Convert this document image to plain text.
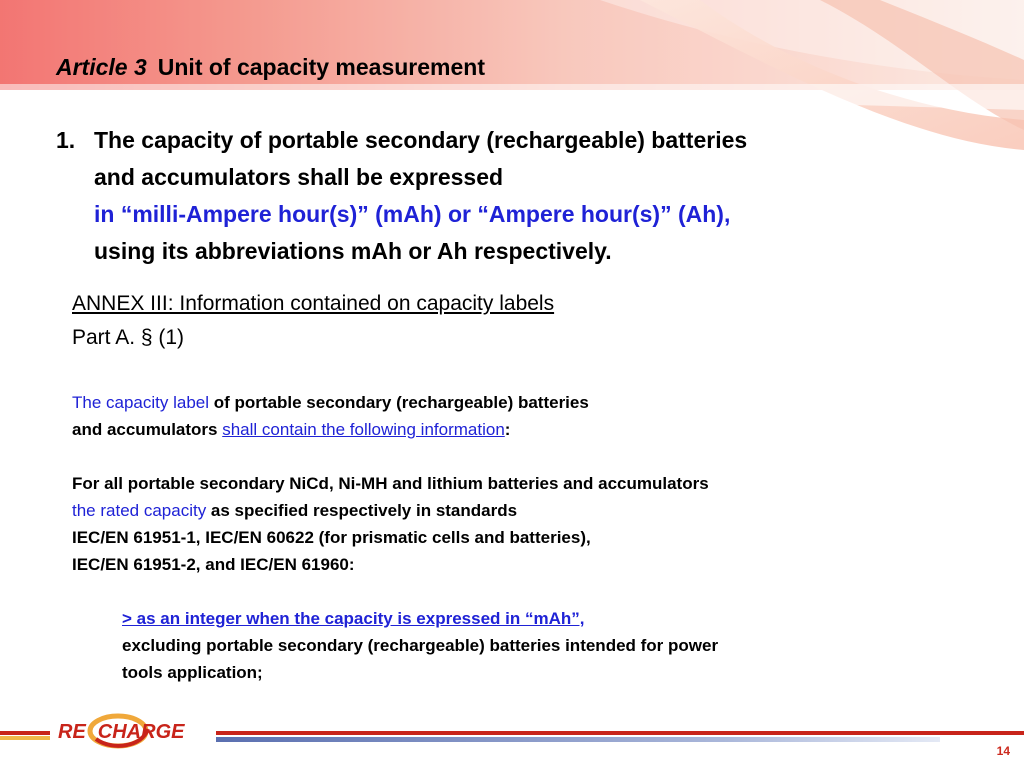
Article 3 Unit of capacity measurement
1. The capacity of portable secondary (rechargeable) batteries
and accumulators shall be expressed
in “milli-Ampere hour(s)” (mAh) or “Ampere hour(s)” (Ah),
using its abbreviations mAh or Ah respectively.
ANNEX III: Information contained on capacity labels
Part A. § (1)
The capacity label of portable secondary (rechargeable) batteries
and accumulators shall contain the following information:
For all portable secondary NiCd, Ni-MH and lithium batteries and accumulators
the rated capacity as specified respectively in standards
IEC/EN 61951-1, IEC/EN 60622 (for prismatic cells and batteries),
IEC/EN 61951-2, and IEC/EN 61960:
> as an integer when the capacity is expressed in “mAh”,
excluding portable secondary (rechargeable) batteries intended for power
tools application;
RE CHARGE
14
